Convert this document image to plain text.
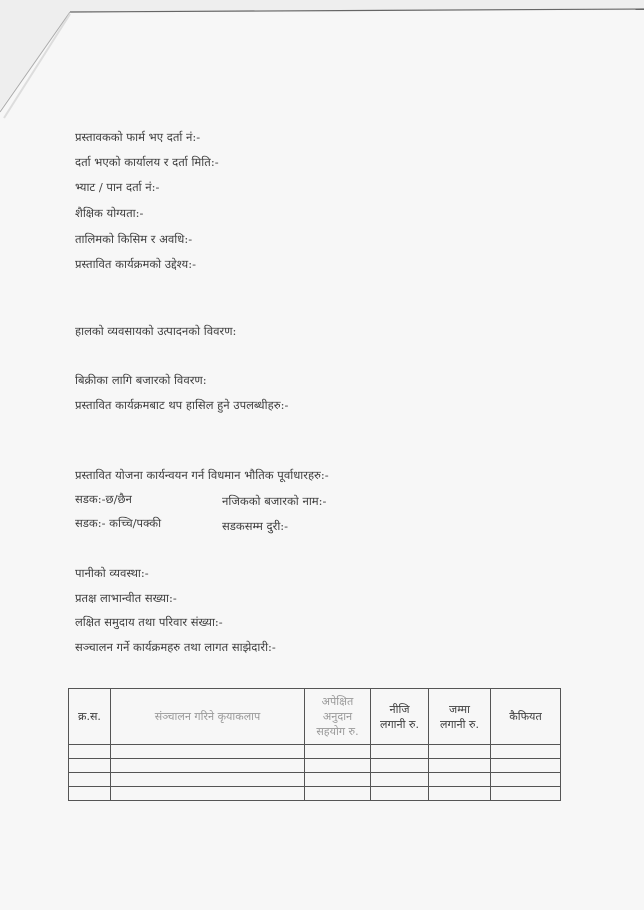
प्रस्तावकको फार्म भए दर्ता नं:-
दर्ता भएको कार्यालय र दर्ता मिति:-
भ्याट / पान दर्ता नं:-
शैक्षिक योग्यता:-
तालिमको किसिम र अवधि:-
प्रस्तावित कार्यक्रमको उद्देश्य:-
हालको व्यवसायको उत्पादनको विवरण:
बिक्रीका लागि बजारको विवरण:
प्रस्तावित कार्यक्रमबाट थप हासिल हुने उपलब्धीहरु:-
प्रस्तावित योजना कार्यन्वयन गर्न विधमान भौतिक पूर्वाधारहरु:-
सडक:-छ/छैन	नजिकको बजारको नाम:-
सडक:- कच्चि/पक्की	सडकसम्म दुरी:-
पानीको व्यवस्था:-
प्रतक्ष लाभान्वीत सख्या:-
लक्षित समुदाय तथा परिवार संख्या:-
सञ्चालन गर्ने कार्यक्रमहरु तथा लागत साझेदारी:-
क्र.स.	संञ्चालन गरिने कृयाकलाप	अपेक्षित अनुदान सहयोग रु.	नीजि लगानी रु.	जम्मा लगानी रु.	कैफियत
